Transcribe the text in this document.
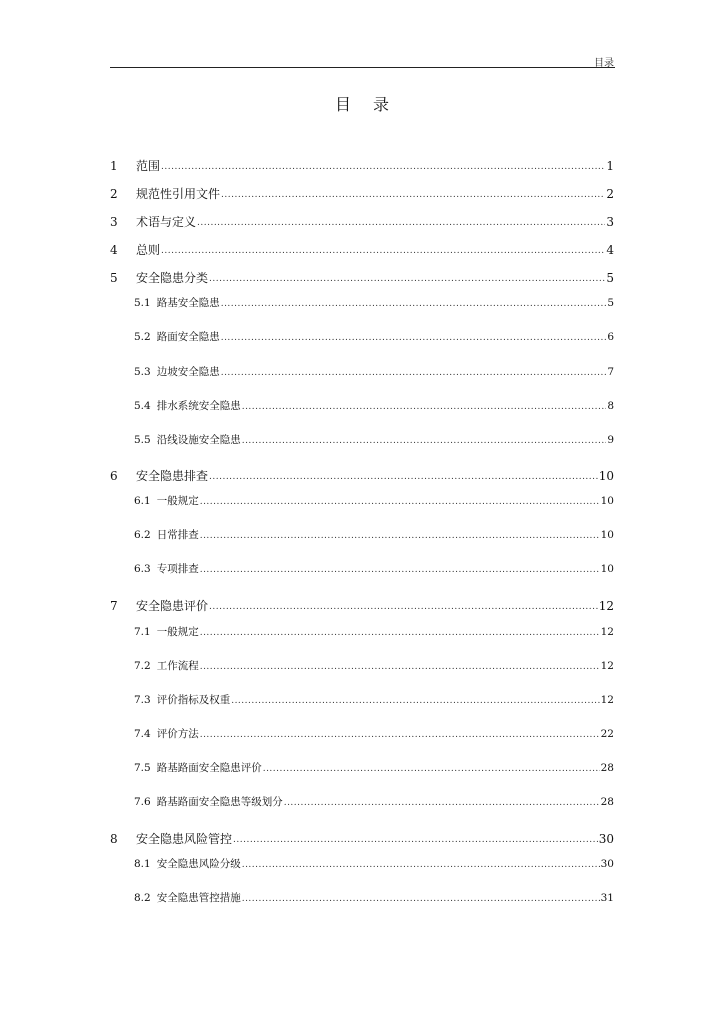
目录
目 录
1	范围 .....	1
2	规范性引用文件 .....	2
3	术语与定义 .....	3
4	总则 .....	4
5	安全隐患分类 .....	5
5.1 路基安全隐患 .....	5
5.2 路面安全隐患 .....	6
5.3 边坡安全隐患 .....	7
5.4 排水系统安全隐患 .....	8
5.5 沿线设施安全隐患 .....	9
6	安全隐患排查 .....	10
6.1 一般规定 .....	10
6.2 日常排查 .....	10
6.3 专项排查 .....	10
7	安全隐患评价 .....	12
7.1 一般规定 .....	12
7.2 工作流程 .....	12
7.3 评价指标及权重 .....	12
7.4 评价方法 .....	22
7.5 路基路面安全隐患评价 .....	28
7.6 路基路面安全隐患等级划分 .....	28
8	安全隐患风险管控 .....	30
8.1 安全隐患风险分级 .....	30
8.2 安全隐患管控措施 .....	31
